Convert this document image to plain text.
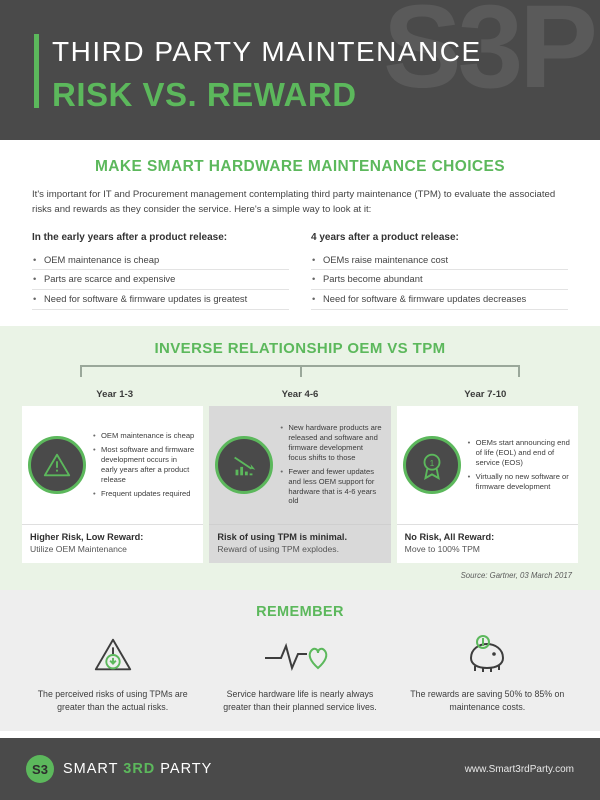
S3P
THIRD PARTY MAINTENANCE
RISK VS. REWARD
MAKE SMART HARDWARE MAINTENANCE CHOICES
It's important for IT and Procurement management contemplating third party maintenance (TPM) to evaluate the associated risks and rewards as they consider the service. Here's a simple way to look at it:
In the early years after a product release:
• OEM maintenance is cheap
• Parts are scarce and expensive
• Need for software & firmware updates is greatest
4 years after a product release:
• OEMs raise maintenance cost
• Parts become abundant
• Need for software & firmware updates decreases
INVERSE RELATIONSHIP OEM VS TPM
Year 1-3	Year 4-6	Year 7-10
• OEM maintenance is cheap
• Most software and firmware development occurs in early years after a product release
• Frequent updates required
Higher Risk, Low Reward:
Utilize OEM Maintenance
• New hardware products are released and software and firmware development focus shifts to those
• Fewer and fewer updates and less OEM support for hardware that is 4-6 years old
Risk of using TPM is minimal.
Reward of using TPM explodes.
1
• OEMs start announcing end of life (EOL) and end of service (EOS)
• Virtually no new software or firmware development
No Risk, All Reward:
Move to 100% TPM
Source: Gartner, 03 March 2017
REMEMBER

The perceived risks of using TPMs are greater than the actual risks.

Service hardware life is nearly always greater than their planned service lives.

The rewards are saving 50% to 85% on maintenance costs.

S3	SMART 3RD PARTY	www.Smart3rdParty.com
